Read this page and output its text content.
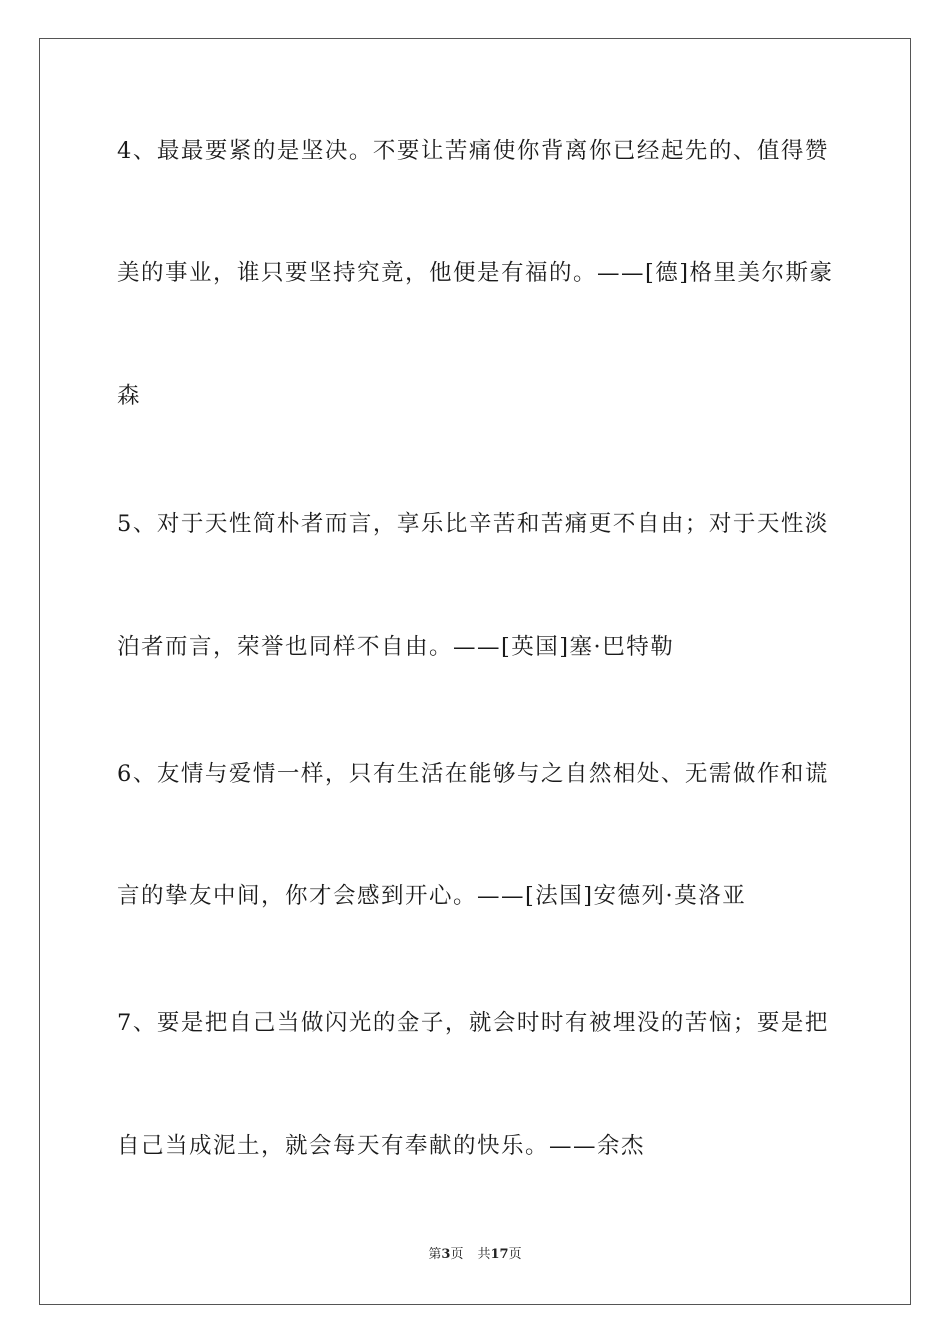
4、最最要紧的是坚决。不要让苦痛使你背离你已经起先的、值得赞
美的事业，谁只要坚持究竟，他便是有福的。——[德]格里美尔斯豪
森
5、对于天性简朴者而言，享乐比辛苦和苦痛更不自由；对于天性淡
泊者而言，荣誉也同样不自由。——[英国]塞·巴特勒
6、友情与爱情一样，只有生活在能够与之自然相处、无需做作和谎
言的挚友中间，你才会感到开心。——[法国]安德列·莫洛亚
7、要是把自己当做闪光的金子，就会时时有被埋没的苦恼；要是把
自己当成泥土，就会每天有奉献的快乐。——余杰
第3页 共17页
